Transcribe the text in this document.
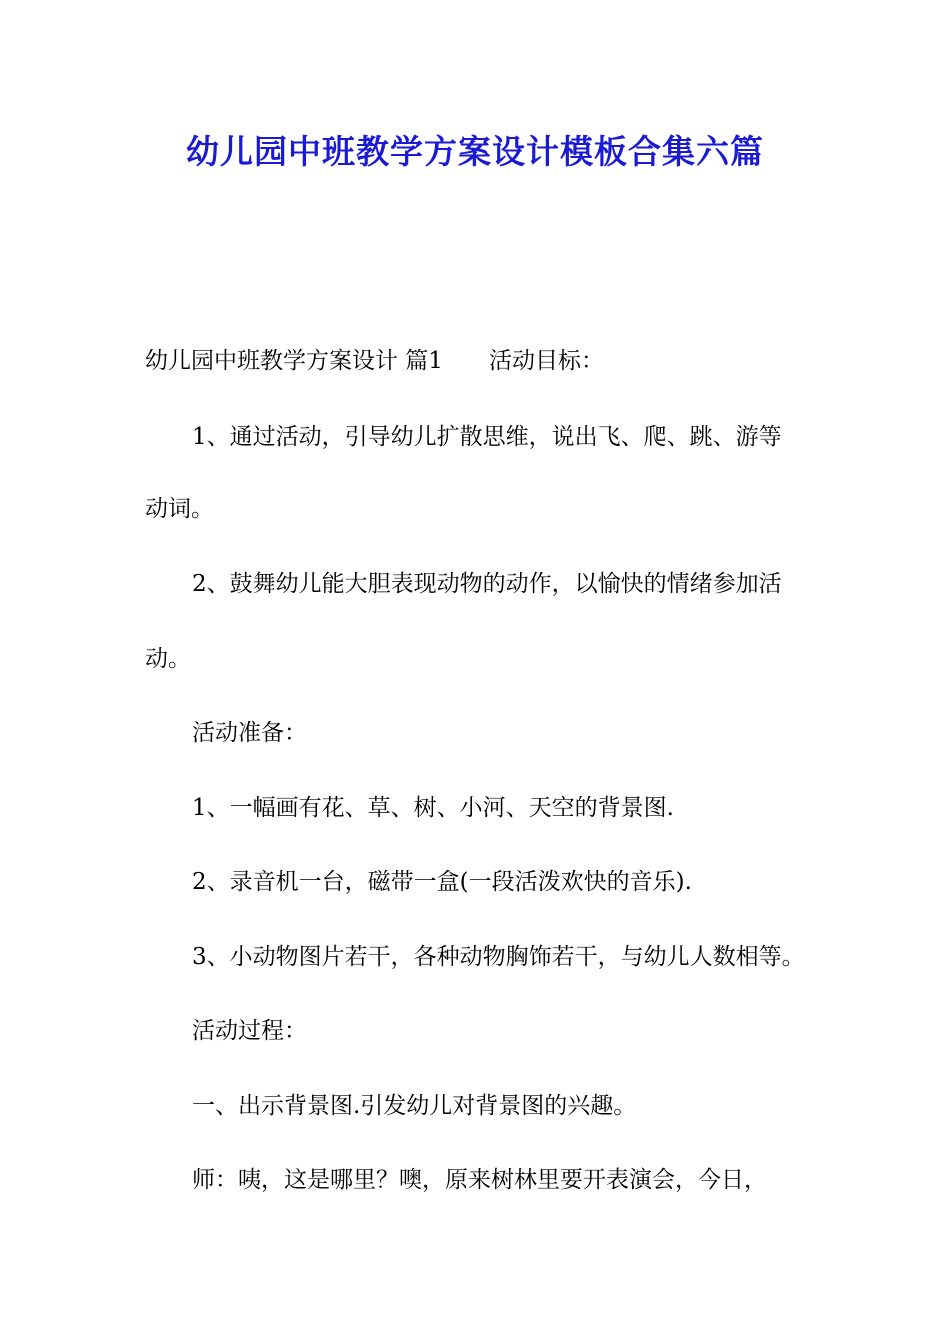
幼儿园中班教学方案设计模板合集六篇

幼儿园中班教学方案设计 篇1 活动目标：

1、通过活动，引导幼儿扩散思维，说出飞、爬、跳、游等

动词。

2、鼓舞幼儿能大胆表现动物的动作，以愉快的情绪参加活

动。

活动准备：

1、一幅画有花、草、树、小河、天空的背景图.

2、录音机一台，磁带一盒(一段活泼欢快的音乐).

3、小动物图片若干，各种动物胸饰若干，与幼儿人数相等。

活动过程：

一、出示背景图.引发幼儿对背景图的兴趣。

师：咦，这是哪里？噢，原来树林里要开表演会，今日，
